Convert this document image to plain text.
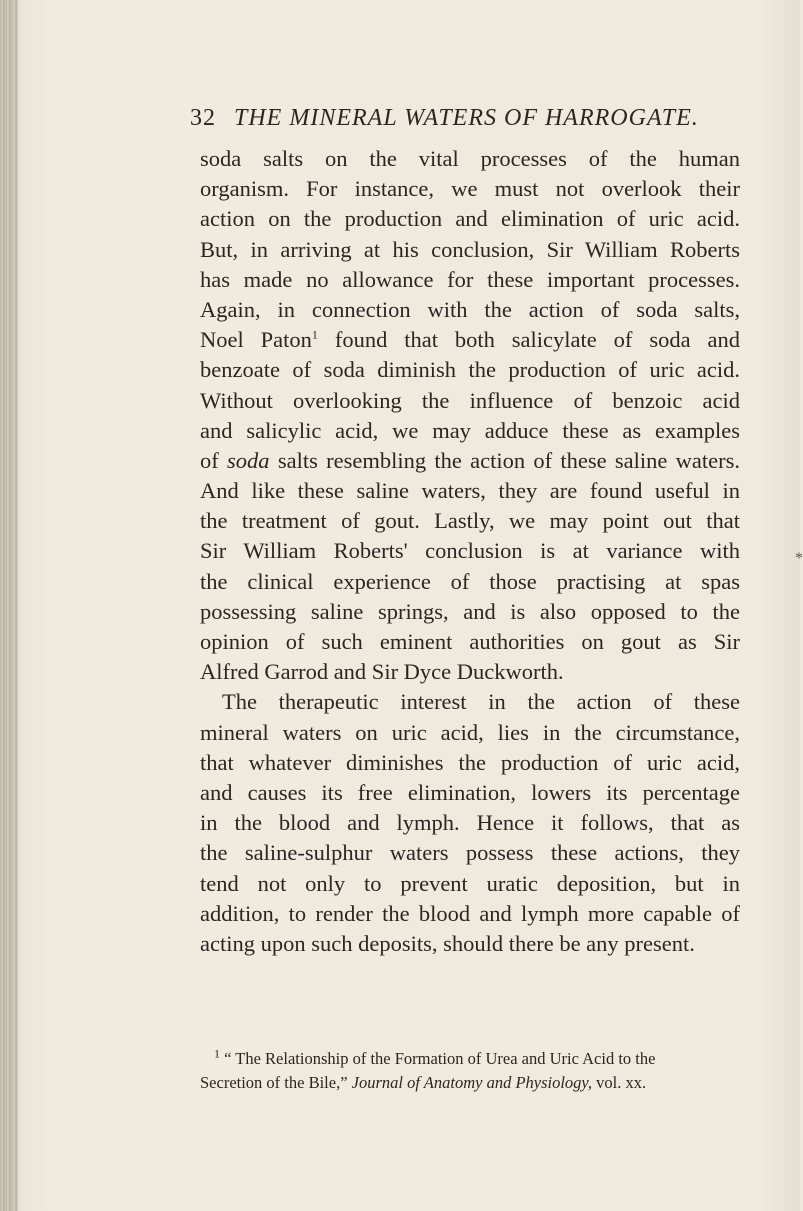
32 THE MINERAL WATERS OF HARROGATE.
soda salts on the vital processes of the human
organism. For instance, we must not overlook their
action on the production and elimination of uric acid.
But, in arriving at his conclusion, Sir William Roberts
has made no allowance for these important processes.
Again, in connection with the action of soda salts,
Noel Paton$^1$ found that both salicylate of soda and
benzoate of soda diminish the production of uric acid.
Without overlooking the influence of benzoic acid
and salicylic acid, we may adduce these as examples
of soda salts resembling the action of these saline waters.
And like these saline waters, they are found useful in
the treatment of gout. Lastly, we may point out that
Sir William Roberts' conclusion is at variance with
the clinical experience of those practising at spas
possessing saline springs, and is also opposed to the
opinion of such eminent authorities on gout as Sir
Alfred Garrod and Sir Dyce Duckworth.
The therapeutic interest in the action of these
mineral waters on uric acid, lies in the circumstance,
that whatever diminishes the production of uric acid,
and causes its free elimination, lowers its percentage
in the blood and lymph. Hence it follows, that as
the saline-sulphur waters possess these actions, they
tend not only to prevent uratic deposition, but in
addition, to render the blood and lymph more capable of
acting upon such deposits, should there be any present.
$^1$ “ The Relationship of the Formation of Urea and Uric Acid to the
Secretion of the Bile,” Journal of Anatomy and Physiology, vol. xx.
*
